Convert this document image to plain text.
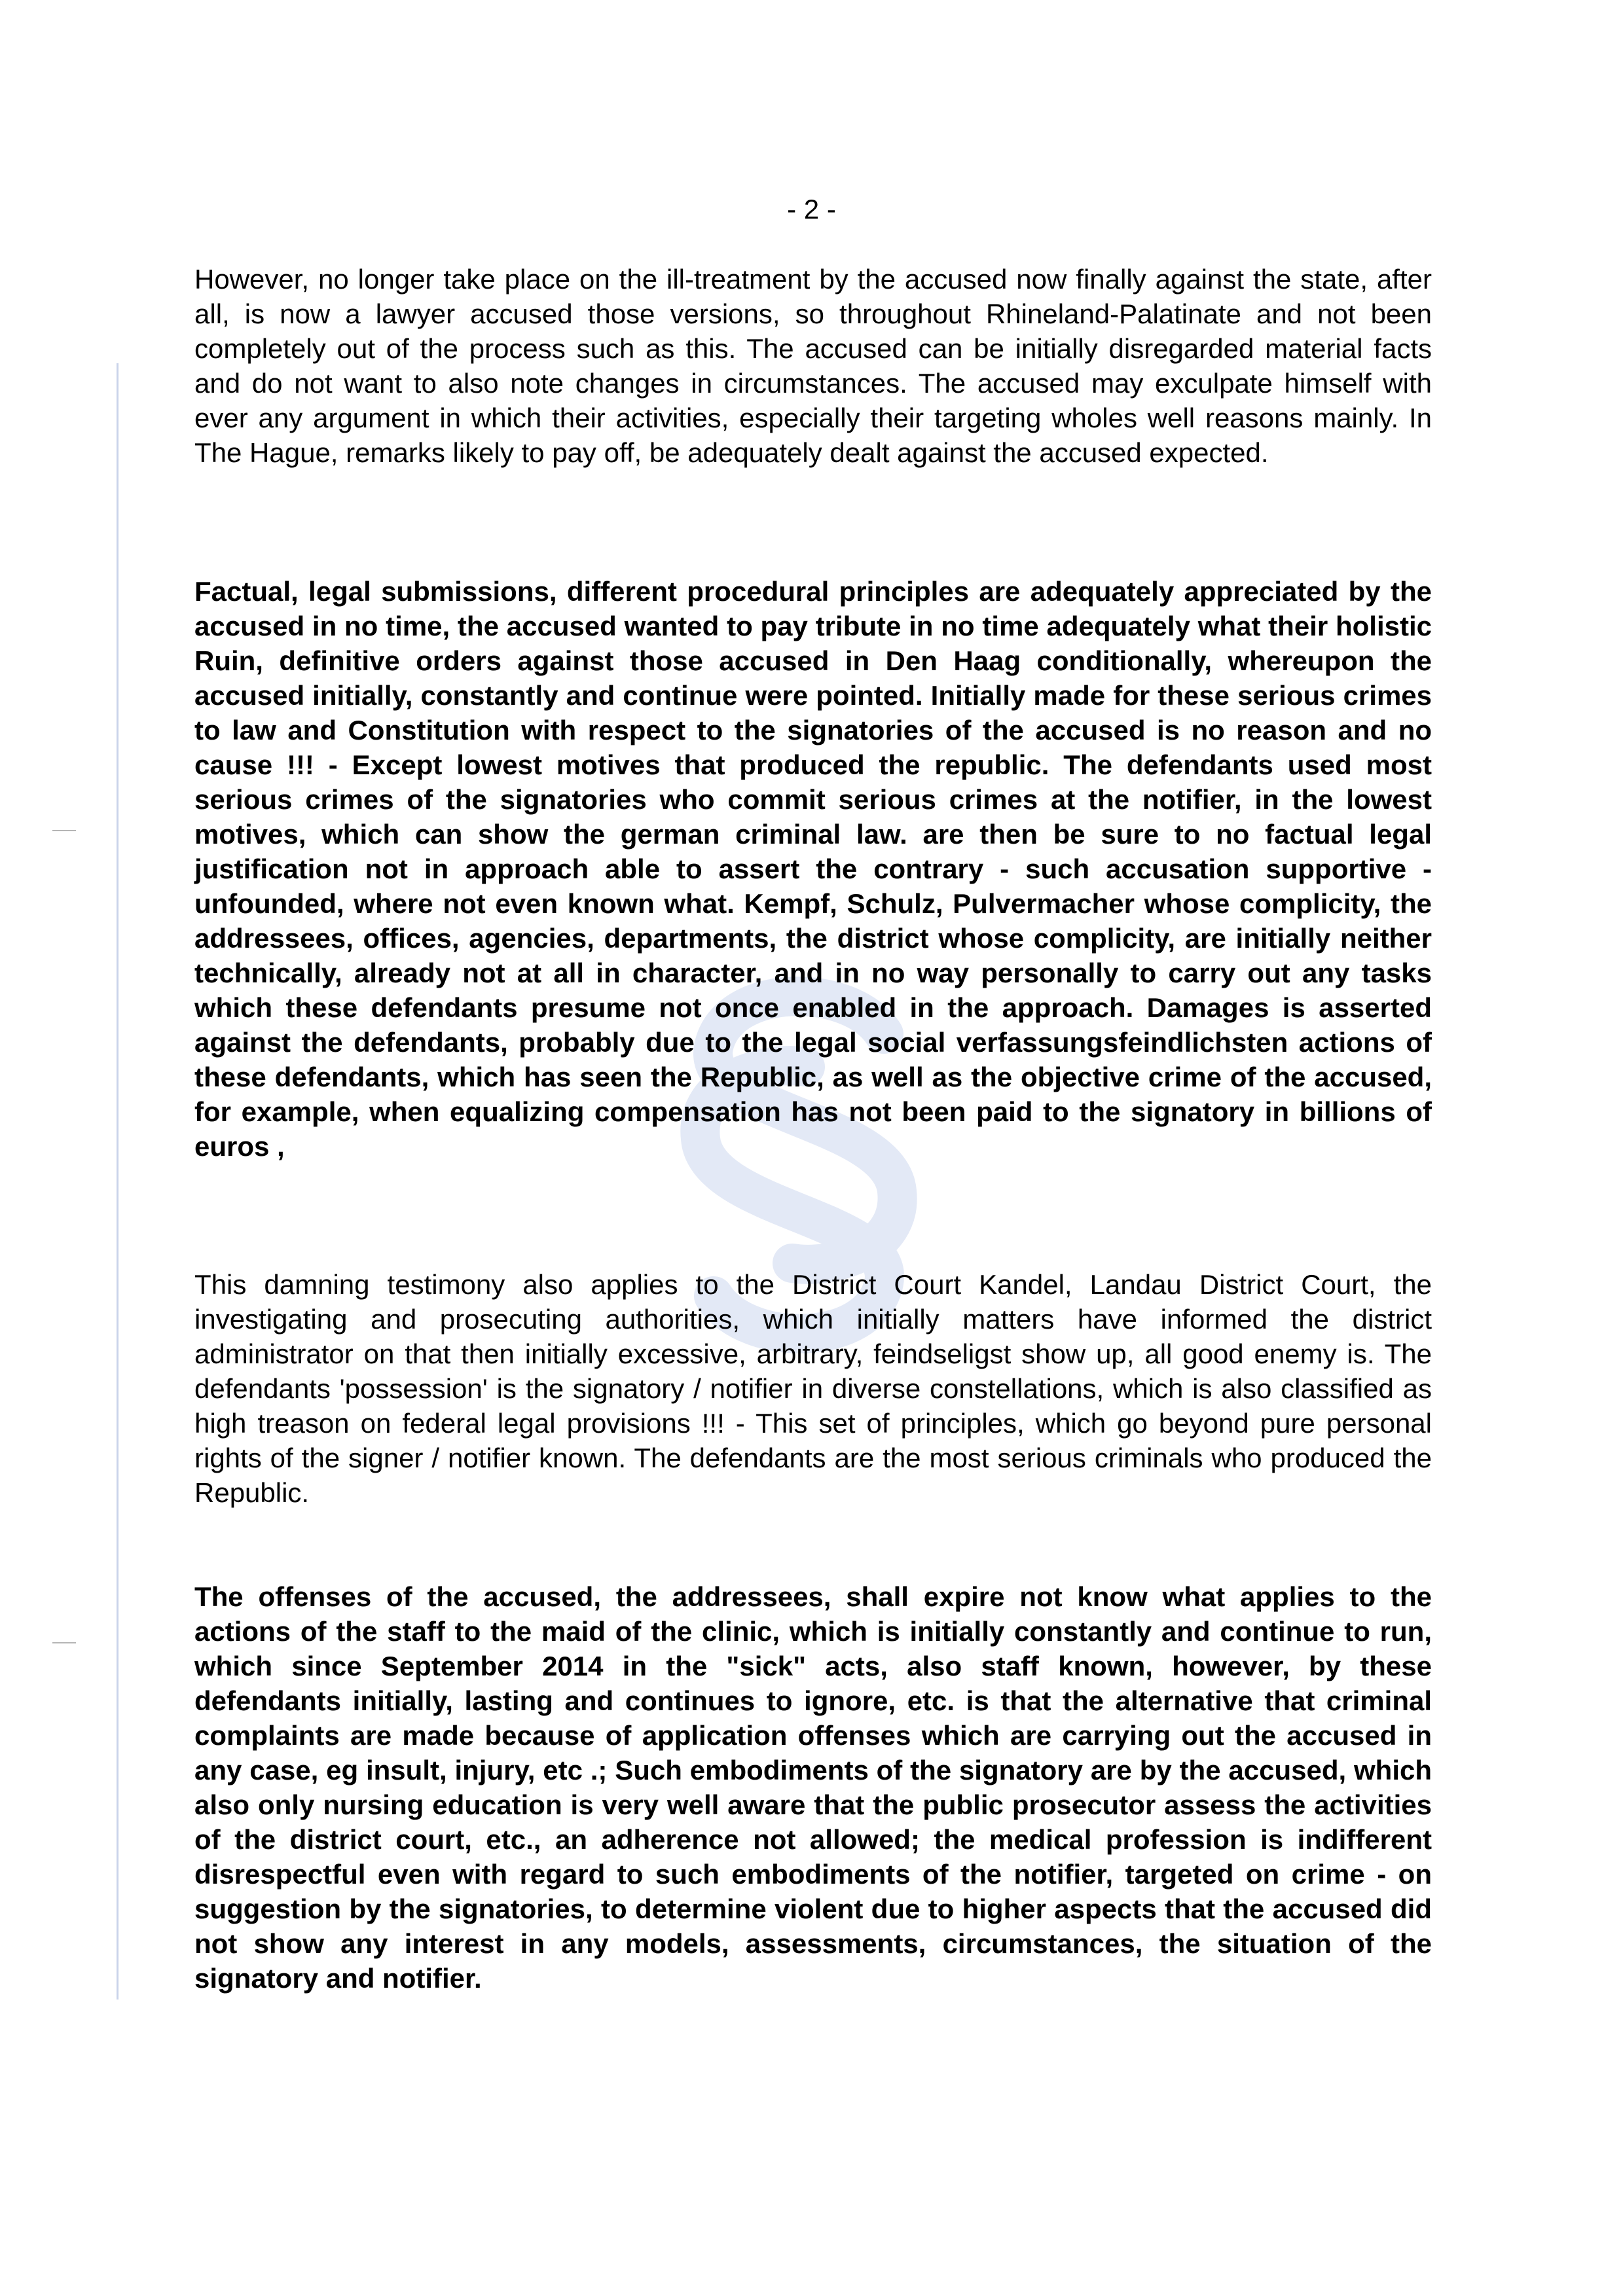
- 2 -

However, no longer take place on the ill-treatment by the accused now finally against the state, after all, is now a lawyer accused those versions, so throughout Rhineland-Palatinate and not been completely out of the process such as this. The accused can be initially disregarded material facts and do not want to also note changes in circumstances. The accused may exculpate himself with ever any argument in which their activities, especially their targeting wholes well reasons mainly. In The Hague, remarks likely to pay off, be adequately dealt against the accused expected.

Factual, legal submissions, different procedural principles are adequately appreciated by the accused in no time, the accused wanted to pay tribute in no time adequately what their holistic Ruin, definitive orders against those accused in Den Haag conditionally, whereupon the accused initially, constantly and continue were pointed. Initially made for these serious crimes to law and Constitution with respect to the signatories of the accused is no reason and no cause !!! - Except lowest motives that produced the republic. The defendants used most serious crimes of the signatories who commit serious crimes at the notifier, in the lowest motives, which can show the german criminal law. are then be sure to no factual legal justification not in approach able to assert the contrary - such accusation supportive - unfounded, where not even known what. Kempf, Schulz, Pulvermacher whose complicity, the addressees, offices, agencies, departments, the district whose complicity, are initially neither technically, already not at all in character, and in no way personally to carry out any tasks which these defendants presume not once enabled in the approach. Damages is asserted against the defendants, probably due to the legal social verfassungsfeindlichsten actions of these defendants, which has seen the Republic, as well as the objective crime of the accused, for example, when equalizing compensation has not been paid to the signatory in billions of euros ,

This damning testimony also applies to the District Court Kandel, Landau District Court, the investigating and prosecuting authorities, which initially matters have informed the district administrator on that then initially excessive, arbitrary, feindseligst show up, all good enemy is. The defendants 'possession' is the signatory / notifier in diverse constellations, which is also classified as high treason on federal legal provisions !!! - This set of principles, which go beyond pure personal rights of the signer / notifier known. The defendants are the most serious criminals who produced the Republic.

The offenses of the accused, the addressees, shall expire not know what applies to the actions of the staff to the maid of the clinic, which is initially constantly and continue to run, which since September 2014 in the "sick" acts, also staff known, however, by these defendants initially, lasting and continues to ignore, etc. is that the alternative that criminal complaints are made because of application offenses which are carrying out the accused in any case, eg insult, injury, etc .; Such embodiments of the signatory are by the accused, which also only nursing education is very well aware that the public prosecutor assess the activities of the district court, etc., an adherence not allowed; the medical profession is indifferent disrespectful even with regard to such embodiments of the notifier, targeted on crime - on suggestion by the signatories, to determine violent due to higher aspects that the accused did not show any interest in any models, assessments, circumstances, the situation of the signatory and notifier.
